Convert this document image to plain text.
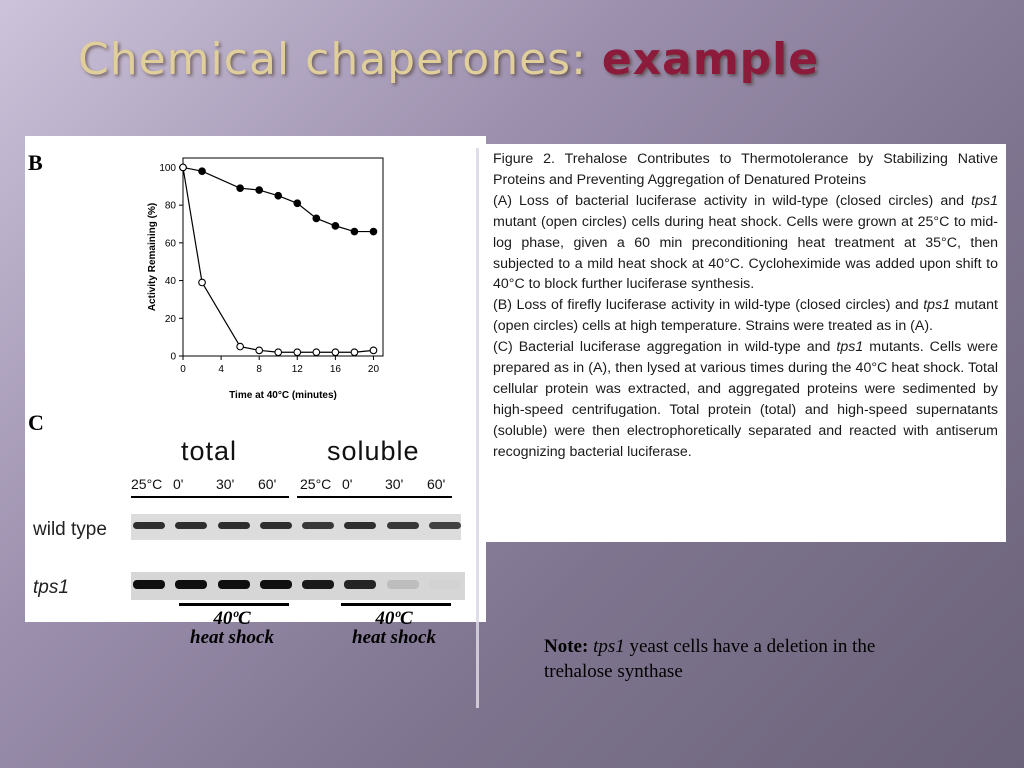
Chemical chaperones: example
B
0	4	8	12	16	20
0
20
40
60
80
100
Time at 40°C (minutes)
Activity Remaining (%)
C
total	soluble
25°C 0' 30' 60' 25°C 0' 30' 60'
wild type
tps1
40ºC
heat shock
40ºC
heat shock

Figure 2. Trehalose Contributes to Thermotolerance by Stabilizing Native Proteins and Preventing Aggregation of Denatured Proteins

(A) Loss of bacterial luciferase activity in wild-type (closed circles) and tps1 mutant (open circles) cells during heat shock. Cells were grown at 25°C to mid-log phase, given a 60 min preconditioning heat treatment at 35°C, then subjected to a mild heat shock at 40°C. Cycloheximide was added upon shift to 40°C to block further luciferase synthesis.

(B) Loss of firefly luciferase activity in wild-type (closed circles) and tps1 mutant (open circles) cells at high temperature. Strains were treated as in (A).

(C) Bacterial luciferase aggregation in wild-type and tps1 mutants. Cells were prepared as in (A), then lysed at various times during the 40°C heat shock. Total cellular protein was extracted, and aggregated proteins were sedimented by high-speed centrifugation. Total protein (total) and high-speed supernatants (soluble) were then electrophoretically separated and reacted with antiserum recognizing bacterial luciferase.

Note: tps1 yeast cells have a deletion in the trehalose synthase
